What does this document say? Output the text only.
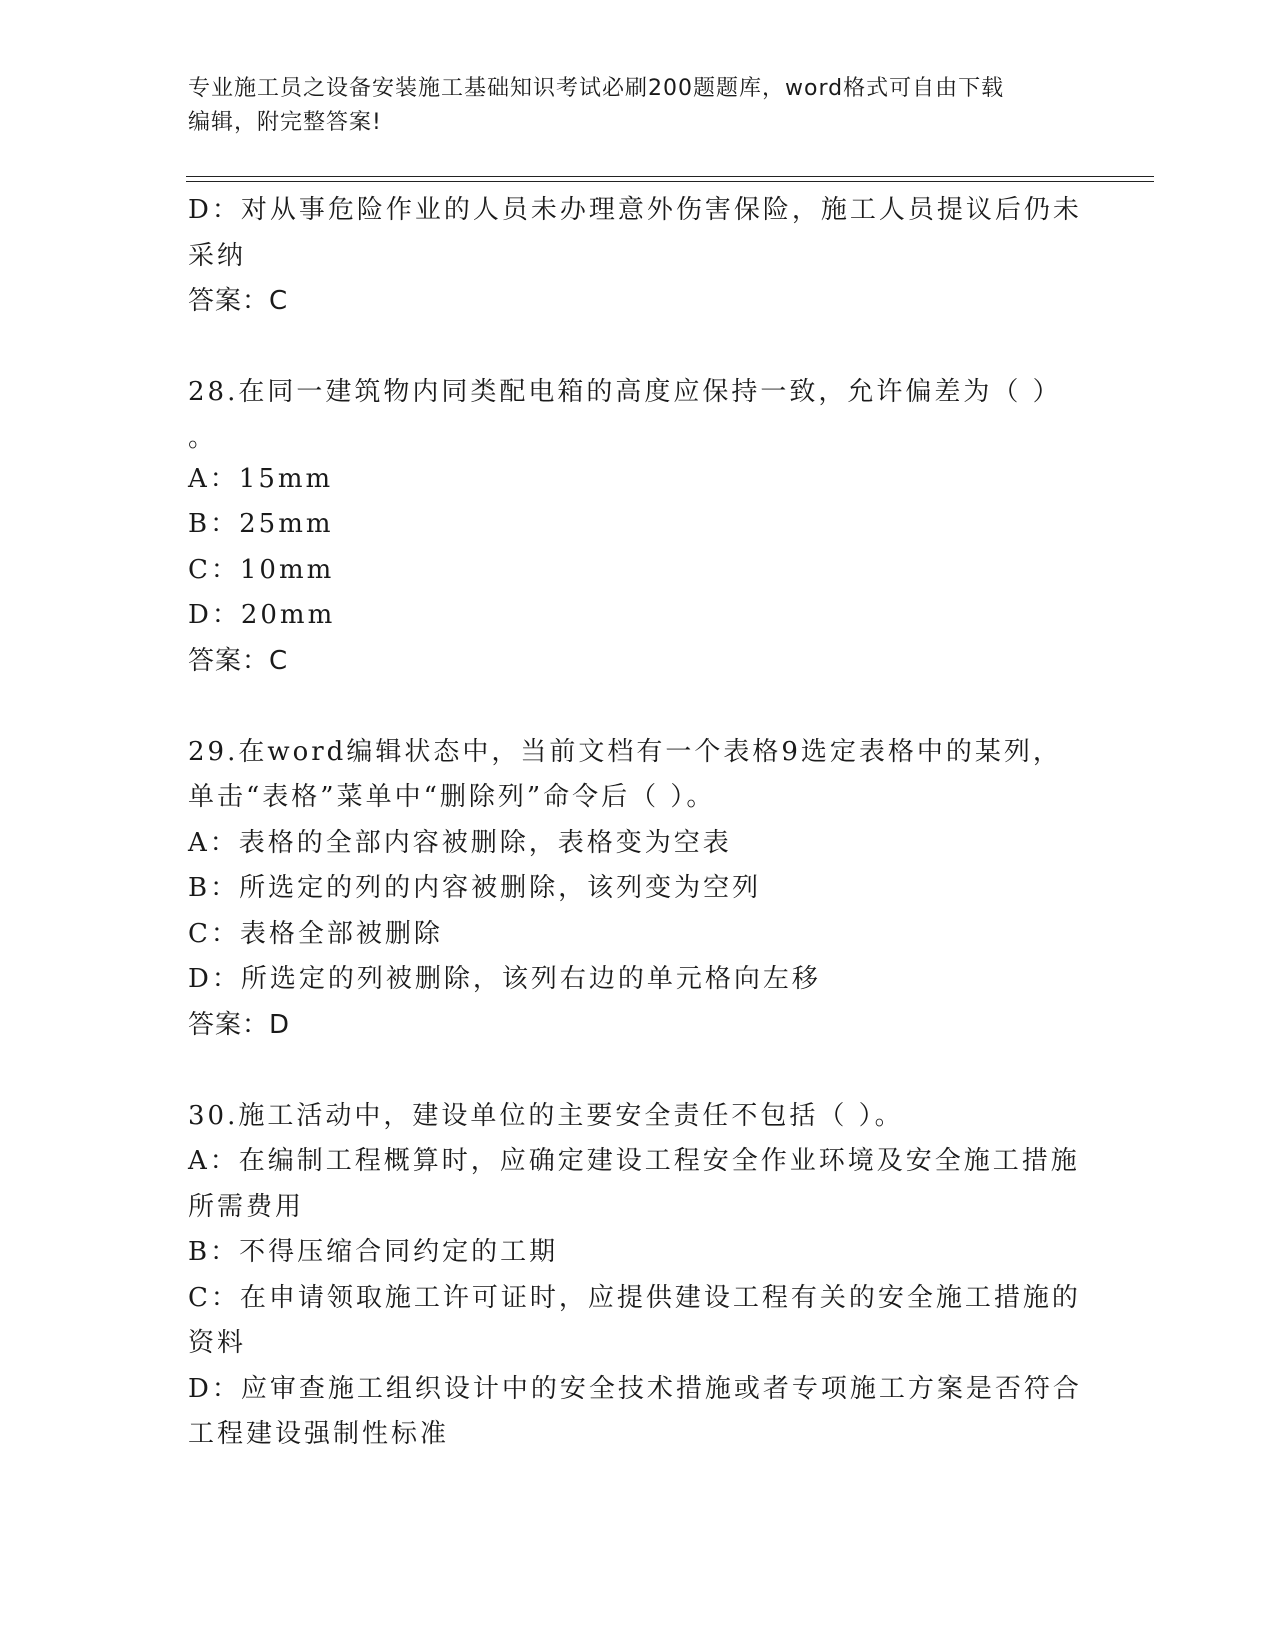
专业施工员之设备安装施工基础知识考试必刷200题题库，word格式可自由下载
编辑，附完整答案!
D：对从事危险作业的人员未办理意外伤害保险，施工人员提议后仍未
采纳
答案：C
28.在同一建筑物内同类配电箱的高度应保持一致，允许偏差为（ ）
。
A：15mm
B：25mm
C：10mm
D：20mm
答案：C
29.在word编辑状态中，当前文档有一个表格9选定表格中的某列，
单击“表格”菜单中“删除列”命令后（ ）。
A：表格的全部内容被删除，表格变为空表
B：所选定的列的内容被删除，该列变为空列
C：表格全部被删除
D：所选定的列被删除，该列右边的单元格向左移
答案：D
30.施工活动中，建设单位的主要安全责任不包括（ ）。
A：在编制工程概算时，应确定建设工程安全作业环境及安全施工措施
所需费用
B：不得压缩合同约定的工期
C：在申请领取施工许可证时，应提供建设工程有关的安全施工措施的
资料
D：应审查施工组织设计中的安全技术措施或者专项施工方案是否符合
工程建设强制性标准
